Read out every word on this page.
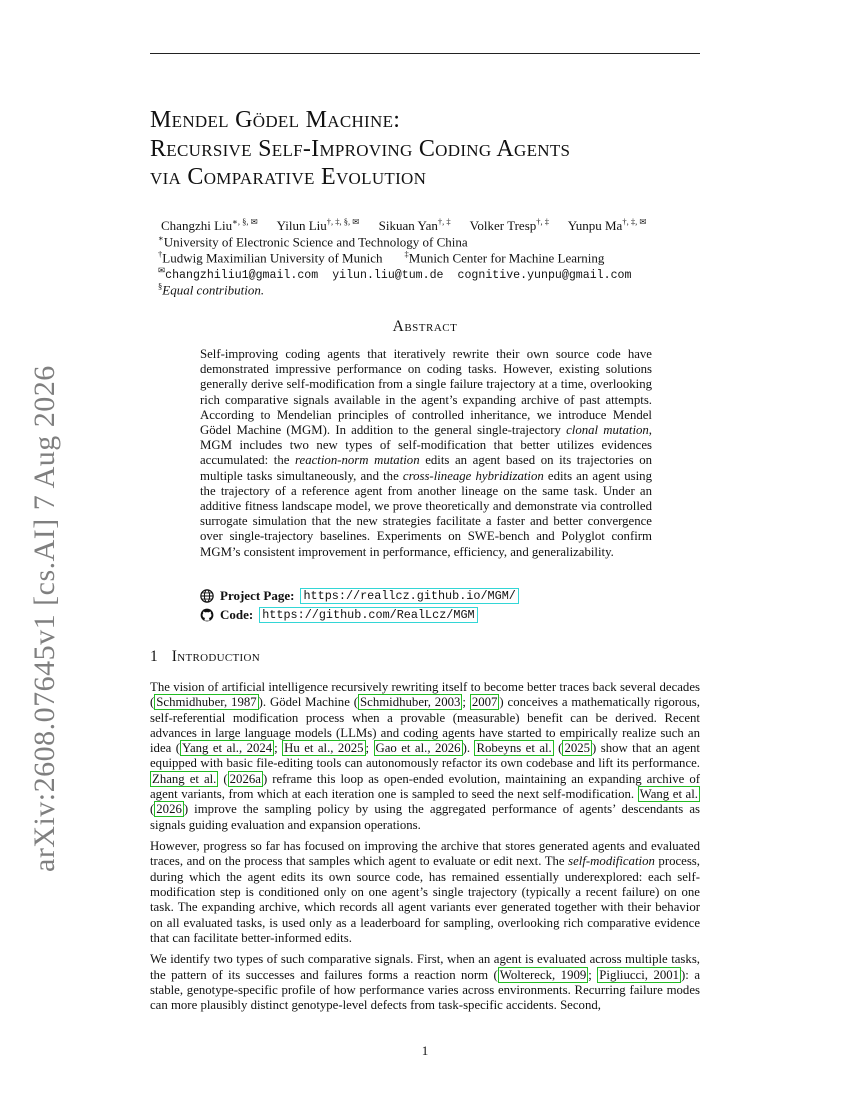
arXiv:2608.07645v1 [cs.AI] 7 Aug 2026
Mendel Gödel Machine:
Recursive Self-Improving Coding Agents
via Comparative Evolution
Changzhi Liu∗, §, ✉ Yilun Liu†, ‡, §, ✉ Sikuan Yan†, ‡ Volker Tresp†, ‡ Yunpu Ma†, ‡, ✉
∗University of Electronic Science and Technology of China
†Ludwig Maximilian University of Munich	‡Munich Center for Machine Learning
✉changzhiliu1@gmail.com yilun.liu@tum.de cognitive.yunpu@gmail.com
§Equal contribution.
Abstract

Self-improving coding agents that iteratively rewrite their own source code have demonstrated impressive performance on coding tasks. However, existing solutions generally derive self-modification from a single failure trajectory at a time, overlooking rich comparative signals available in the agent’s expanding archive of past attempts. According to Mendelian principles of controlled inheritance, we introduce Mendel Gödel Machine (MGM). In addition to the general single-trajectory clonal mutation, MGM includes two new types of self-modification that better utilizes evidences accumulated: the reaction-norm mutation edits an agent based on its trajectories on multiple tasks simultaneously, and the cross-lineage hybridization edits an agent using the trajectory of a reference agent from another lineage on the same task. Under an additive fitness landscape model, we prove theoretically and demonstrate via controlled surrogate simulation that the new strategies facilitate a faster and better convergence over single-trajectory baselines. Experiments on SWE-bench and Polyglot confirm MGM’s consistent improvement in performance, efficiency, and generalizability.

Project Page: https://reallcz.github.io/MGM/
Code: https://github.com/RealLcz/MGM
1 Introduction

The vision of artificial intelligence recursively rewriting itself to become better traces back several decades ( Schmidhuber, 1987 ). Gödel Machine ( Schmidhuber, 2003 ; 2007 ) conceives a mathematically rigorous, self-referential modification process when a provable (measurable) benefit can be derived. Recent advances in large language models (LLMs) and coding agents have started to empirically realize such an idea ( Yang et al., 2024 ; Hu et al., 2025 ; Gao et al., 2026 ). Robeyns et al. ( 2025 ) show that an agent equipped with basic file-editing tools can autonomously refactor its own codebase and lift its performance. Zhang et al. ( 2026a ) reframe this loop as open-ended evolution, maintaining an expanding archive of agent variants, from which at each iteration one is sampled to seed the next self-modification. Wang et al. ( 2026 ) improve the sampling policy by using the aggregated performance of agents’ descendants as signals guiding evaluation and expansion operations.

However, progress so far has focused on improving the archive that stores generated agents and evaluated traces, and on the process that samples which agent to evaluate or edit next. The self-modification process, during which the agent edits its own source code, has remained essentially underexplored: each self-modification step is conditioned only on one agent’s single trajectory (typically a recent failure) on one task. The expanding archive, which records all agent variants ever generated together with their behavior on all evaluated tasks, is used only as a leaderboard for sampling, overlooking rich comparative evidence that can facilitate better-informed edits.

We identify two types of such comparative signals. First, when an agent is evaluated across multiple tasks, the pattern of its successes and failures forms a reaction norm ( Woltereck, 1909 ; Pigliucci, 2001 ): a stable, genotype-specific profile of how performance varies across environments. Recurring failure modes can more plausibly distinct genotype-level defects from task-specific accidents. Second,

1
